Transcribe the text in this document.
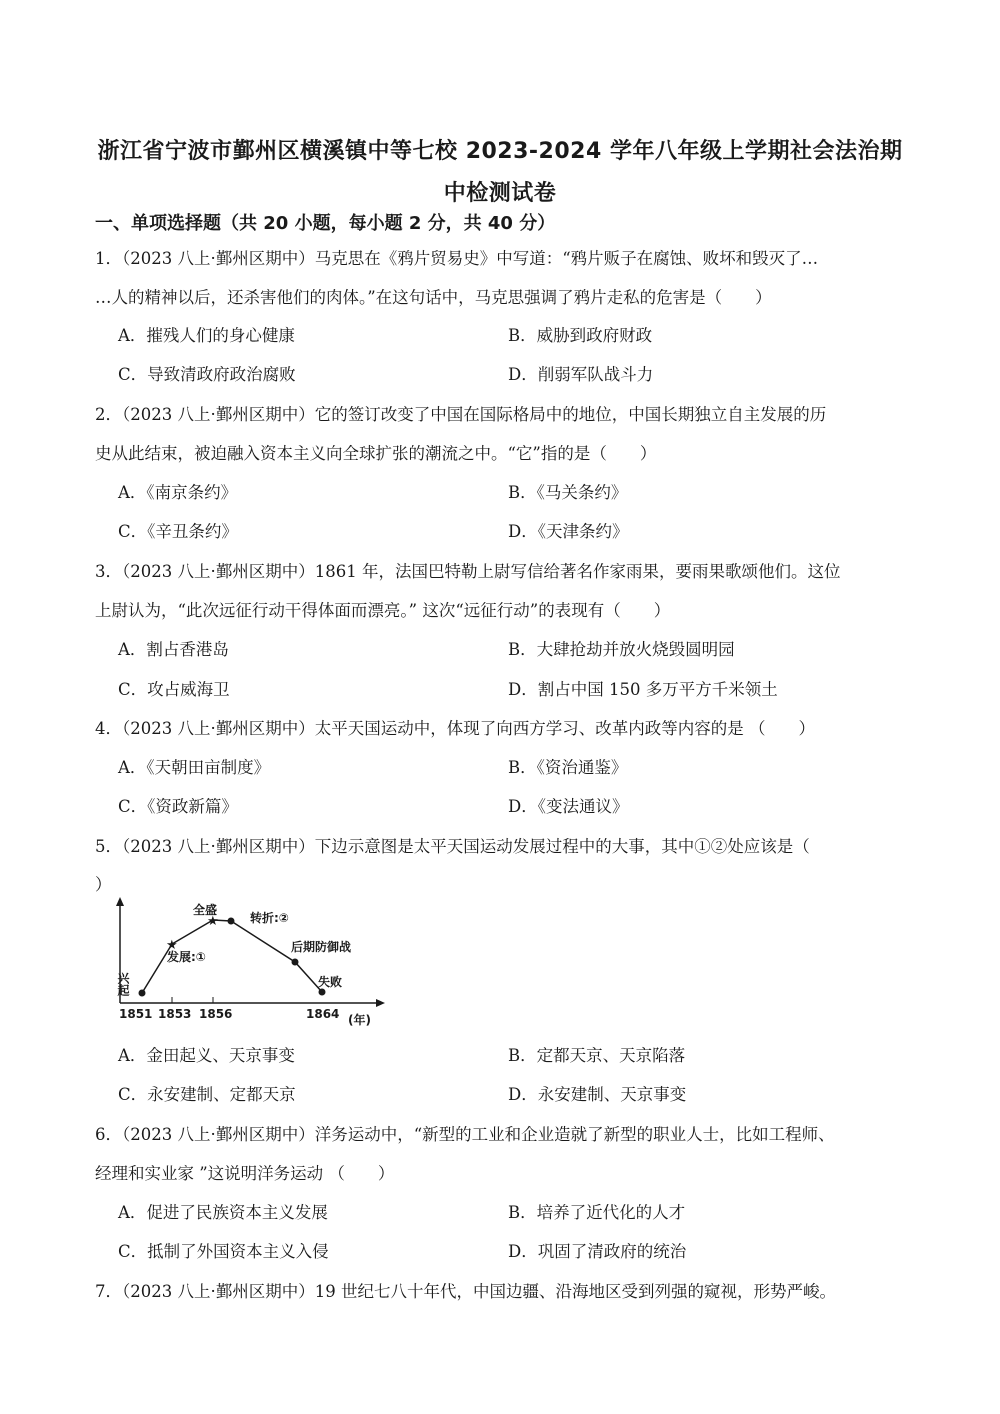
浙江省宁波市鄞州区横溪镇中等七校 2023-2024 学年八年级上学期社会法治期
中检测试卷
一、单项选择题（共 20 小题，每小题 2 分，共 40 分）
1．（2023 八上·鄞州区期中）马克思在《鸦片贸易史》中写道：“鸦片贩子在腐蚀、败坏和毁灭了…
…人的精神以后，还杀害他们的肉体。”在这句话中，马克思强调了鸦片走私的危害是（　　）
A．摧残人们的身心健康	B．威胁到政府财政
C．导致清政府政治腐败	D．削弱军队战斗力
2．（2023 八上·鄞州区期中）它的签订改变了中国在国际格局中的地位，中国长期独立自主发展的历
史从此结束，被迫融入资本主义向全球扩张的潮流之中。“它”指的是（　　）
A．《南京条约》	B．《马关条约》
C．《辛丑条约》	D．《天津条约》
3．（2023 八上·鄞州区期中）1861 年，法国巴特勒上尉写信给著名作家雨果，要雨果歌颂他们。这位
上尉认为，“此次远征行动干得体面而漂亮。” 这次“远征行动”的表现有（　　）
A．割占香港岛	B．大肆抢劫并放火烧毁圆明园
C．攻占威海卫	D．割占中国 150 多万平方千米领土
4．（2023 八上·鄞州区期中）太平天国运动中，体现了向西方学习、改革内政等内容的是 （　　）
A．《天朝田亩制度》	B．《资治通鉴》
C．《资政新篇》	D．《变法通议》
5．（2023 八上·鄞州区期中）下边示意图是太平天国运动发展过程中的大事，其中①②处应该是（
）
★
★
兴起
发展:①
全盛
转折:②
后期防御战
失败
1851 1853 1856	1864 (年)
A．金田起义、天京事变	B．定都天京、天京陷落
C．永安建制、定都天京	D．永安建制、天京事变
6．（2023 八上·鄞州区期中）洋务运动中，“新型的工业和企业造就了新型的职业人士，比如工程师、
经理和实业家 ”这说明洋务运动 （　　）
A．促进了民族资本主义发展	B．培养了近代化的人才
C．抵制了外国资本主义入侵	D．巩固了清政府的统治
7．（2023 八上·鄞州区期中）19 世纪七八十年代，中国边疆、沿海地区受到列强的窥视，形势严峻。
